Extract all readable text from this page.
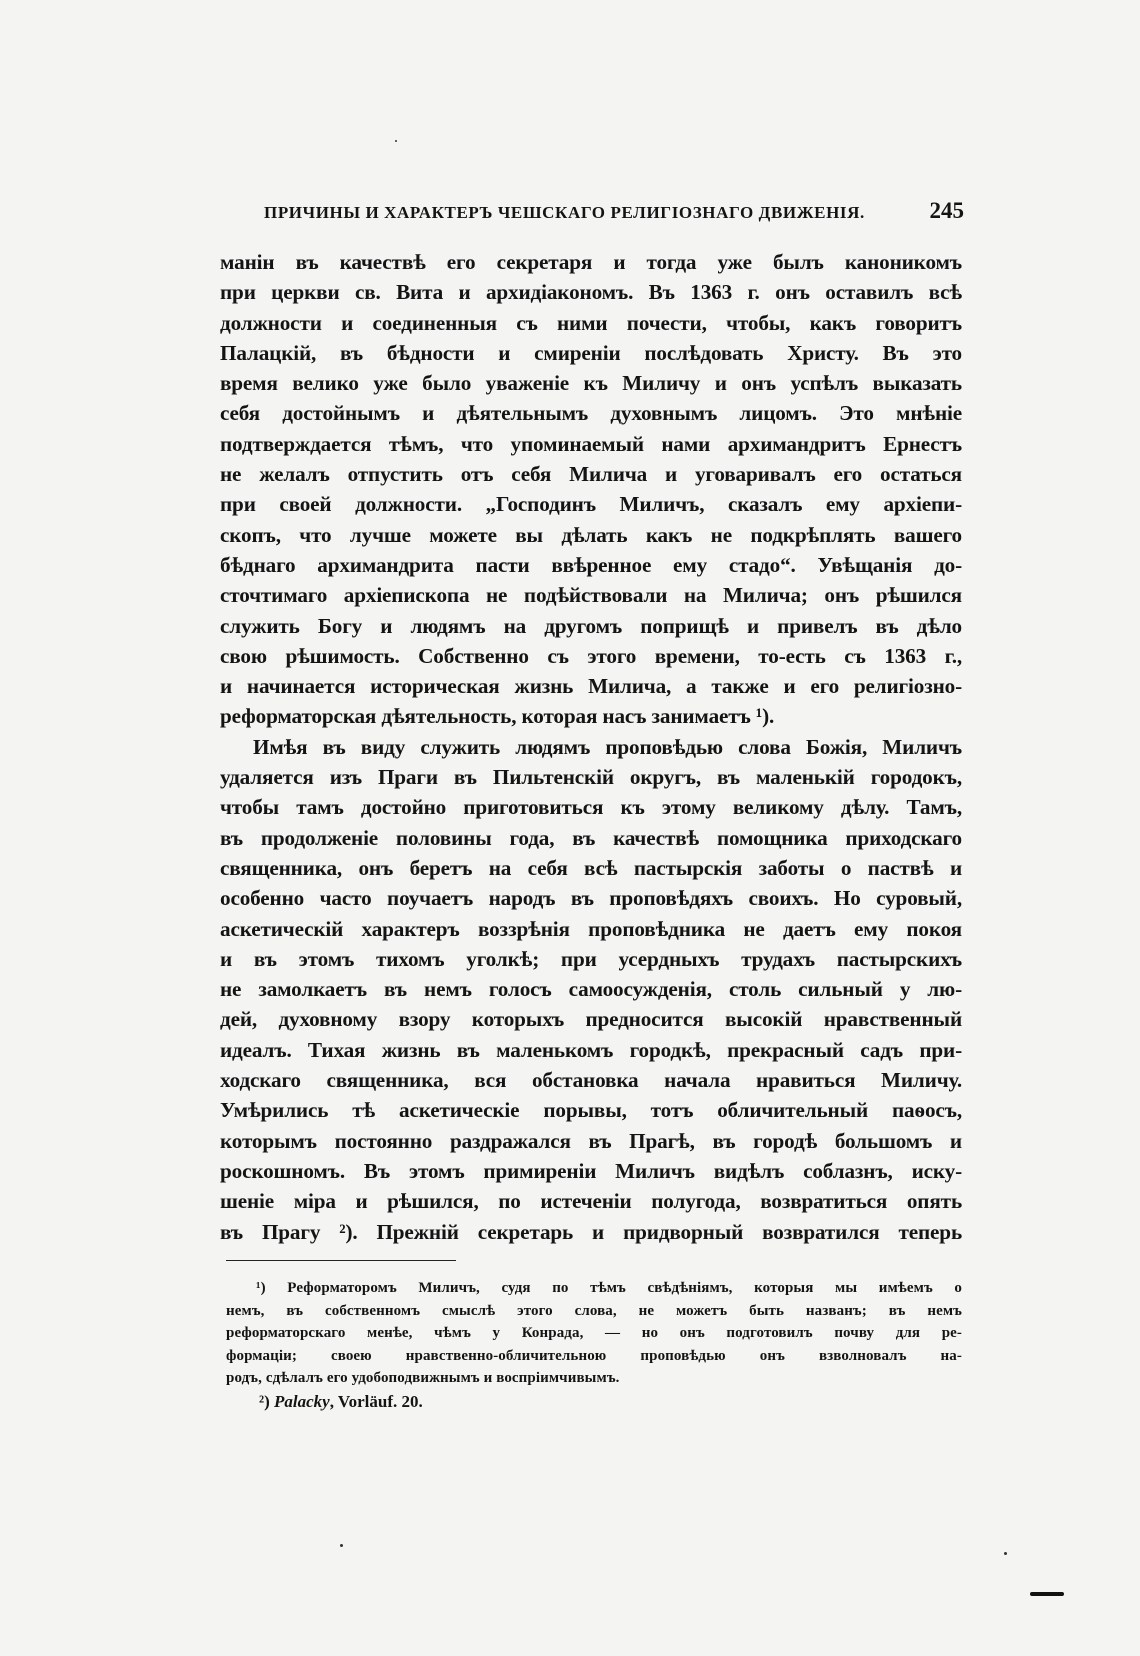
ПРИЧИНЫ И ХАРАКТЕРЪ ЧЕШСКАГО РЕЛИГІОЗНАГО ДВИЖЕНІЯ.	245
манін въ качествѣ его секретаря и тогда уже былъ каноникомъ
при церкви св. Вита и архидіакономъ. Въ 1363 г. онъ оставилъ всѣ
должности и соединенныя съ ними почести, чтобы, какъ говоритъ
Палацкій, въ бѣдности и смиреніи послѣдовать Христу. Въ это
время велико уже было уваженіе къ Миличу и онъ успѣлъ выказать
себя достойнымъ и дѣятельнымъ духовнымъ лицомъ. Это мнѣніе
подтверждается тѣмъ, что упоминаемый нами архимандритъ Ернестъ
не желалъ отпустить отъ себя Милича и уговаривалъ его остаться
при своей должности. „Господинъ Миличъ, сказалъ ему архіепи-
скопъ, что лучше можете вы дѣлать какъ не подкрѣплять вашего
бѣднаго архимандрита пасти ввѣренное ему стадо“. Увѣщанія до-
сточтимаго архіепископа не подѣйствовали на Милича; онъ рѣшился
служить Богу и людямъ на другомъ поприщѣ и привелъ въ дѣло
свою рѣшимость. Собственно съ этого времени, то-есть съ 1363 г.,
и начинается историческая жизнь Милича, а также и его религіозно-
реформаторская дѣятельность, которая насъ занимаетъ ¹).
Имѣя въ виду служить людямъ проповѣдью слова Божія, Миличъ
удаляется изъ Праги въ Пильтенскій округъ, въ маленькій городокъ,
чтобы тамъ достойно приготовиться къ этому великому дѣлу. Тамъ,
въ продолженіе половины года, въ качествѣ помощника приходскаго
священника, онъ беретъ на себя всѣ пастырскія заботы о паствѣ и
особенно часто поучаетъ народъ въ проповѣдяхъ своихъ. Но суровый,
аскетическій характеръ воззрѣнія проповѣдника не даетъ ему покоя
и въ этомъ тихомъ уголкѣ; при усердныхъ трудахъ пастырскихъ
не замолкаетъ въ немъ голосъ самоосужденія, столь сильный у лю-
дей, духовному взору которыхъ предносится высокій нравственный
идеалъ. Тихая жизнь въ маленькомъ городкѣ, прекрасный садъ при-
ходскаго священника, вся обстановка начала нравиться Миличу.
Умѣрились тѣ аскетическіе порывы, тотъ обличительный паѳосъ,
которымъ постоянно раздражался въ Прагѣ, въ городѣ большомъ и
роскошномъ. Въ этомъ примиреніи Миличъ видѣлъ соблазнъ, иску-
шеніе міра и рѣшился, по истеченіи полугода, возвратиться опять
въ Прагу ²). Прежній секретарь и придворный возвратился теперь
¹) Реформаторомъ Миличъ, судя по тѣмъ свѣдѣніямъ, которыя мы имѣемъ о
немъ, въ собственномъ смыслѣ этого слова, не можетъ быть названъ; въ немъ
реформаторскаго менѣе, чѣмъ у Конрада, — но онъ подготовилъ почву для ре-
формаціи; своею нравственно-обличительною проповѣдью онъ взволновалъ на-
родъ, сдѣлалъ его удобоподвижнымъ и воспріимчивымъ.
²) Palacky, Vorläuf. 20.
